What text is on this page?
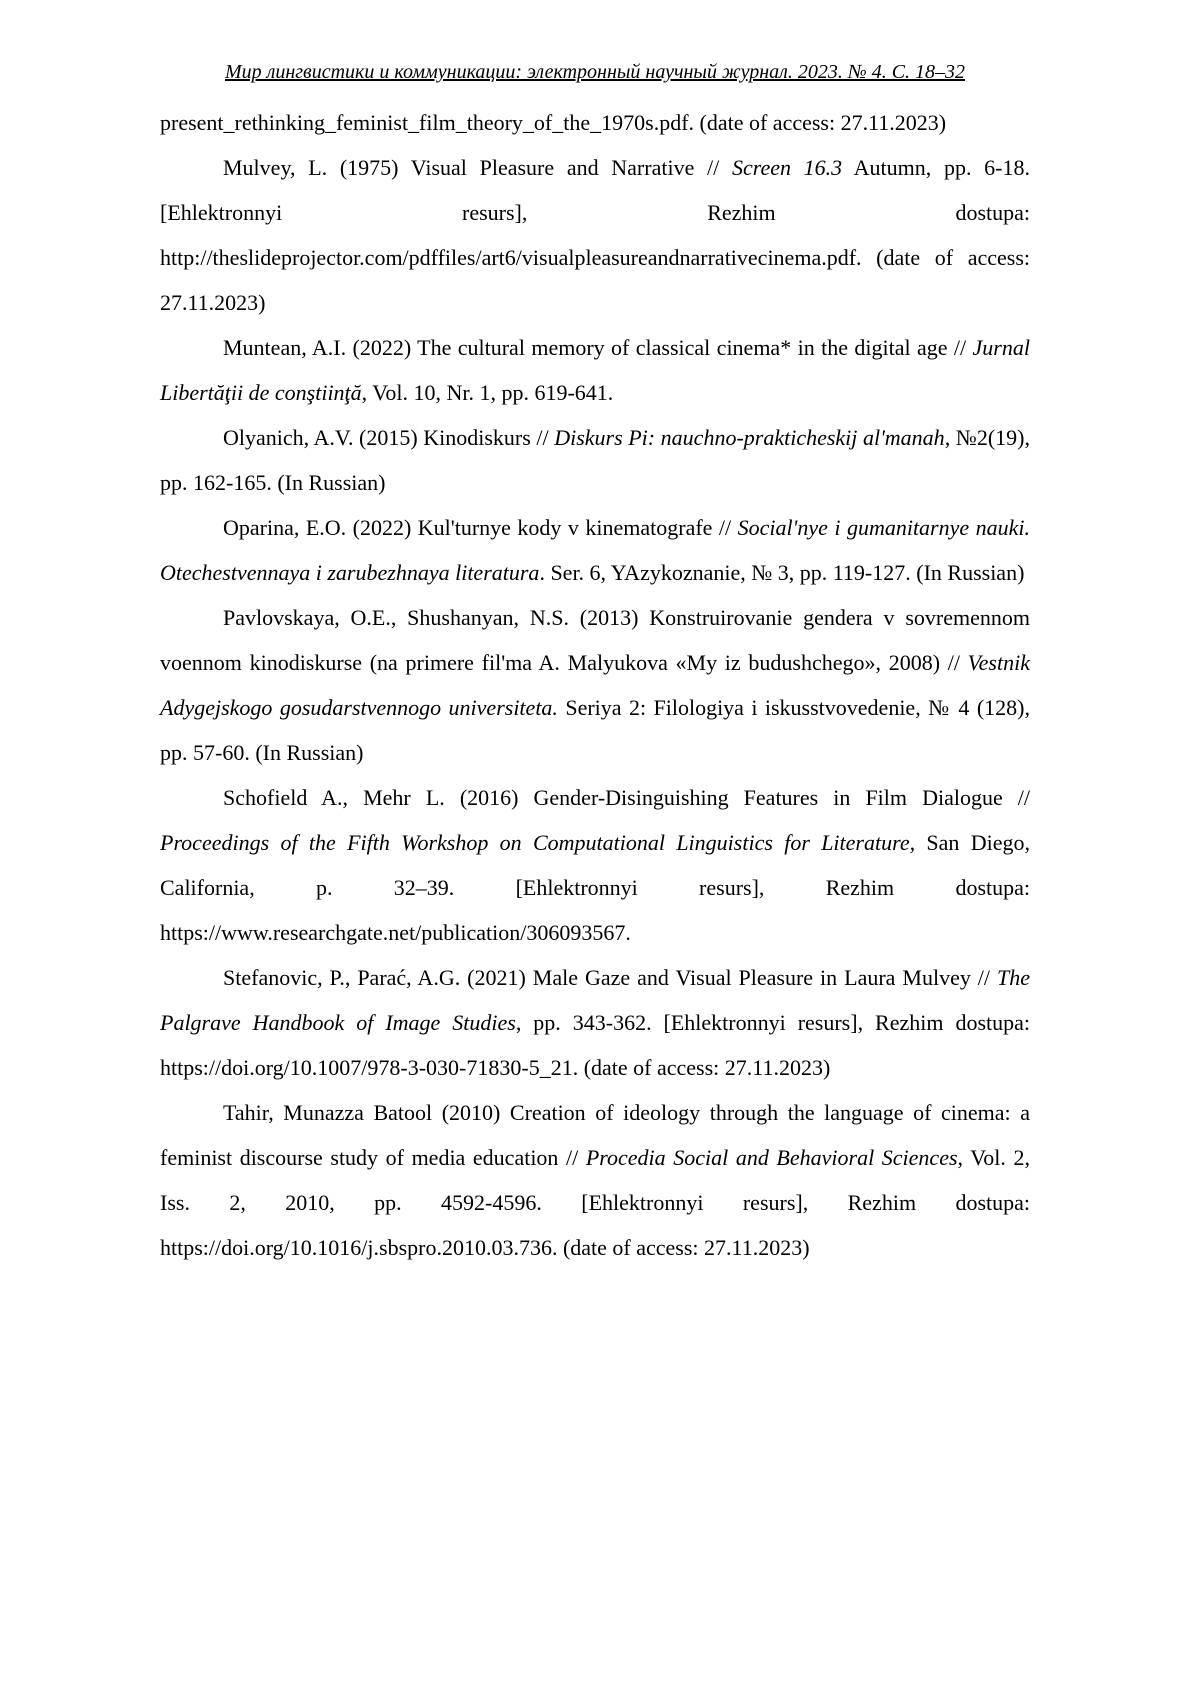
Мир лингвистики и коммуникации: электронный научный журнал. 2023. № 4. С. 18–32

present_rethinking_feminist_film_theory_of_the_1970s.pdf. (date of access: 27.11.2023)

Mulvey, L. (1975) Visual Pleasure and Narrative // Screen 16.3 Autumn, pp. 6-18. [Ehlektronnyi resurs], Rezhim dostupa: http://theslideprojector.com/pdffiles/art6/visualpleasureandnarrativecinema.pdf. (date of access: 27.11.2023)

Muntean, A.I. (2022) The cultural memory of classical cinema* in the digital age // Jurnal Libertăţii de conştiinţă, Vol. 10, Nr. 1, pp. 619-641.

Olyanich, A.V. (2015) Kinodiskurs // Diskurs Pi: nauchno-prakticheskij al'manah, №2(19), pp. 162-165. (In Russian)

Oparina, E.O. (2022) Kul'turnye kody v kinematografe // Social'nye i gumanitarnye nauki. Otechestvennaya i zarubezhnaya literatura. Ser. 6, YAzykoznanie, № 3, pp. 119-127. (In Russian)

Pavlovskaya, O.E., Shushanyan, N.S. (2013) Konstruirovanie gendera v sovremennom voennom kinodiskurse (na primere fil'ma A. Malyukova «My iz budushchego», 2008) // Vestnik Adygejskogo gosudarstvennogo universiteta. Seriya 2: Filologiya i iskusstvovedenie, № 4 (128), pp. 57-60. (In Russian)

Schofield A., Mehr L. (2016) Gender-Disinguishing Features in Film Dialogue // Proceedings of the Fifth Workshop on Computational Linguistics for Literature, San Diego, California, p. 32–39. [Ehlektronnyi resurs], Rezhim dostupa: https://www.researchgate.net/publication/306093567.

Stefanovic, P., Parać, A.G. (2021) Male Gaze and Visual Pleasure in Laura Mulvey // The Palgrave Handbook of Image Studies, pp. 343-362. [Ehlektronnyi resurs], Rezhim dostupa: https://doi.org/10.1007/978-3-030-71830-5_21. (date of access: 27.11.2023)

Tahir, Munazza Batool (2010) Creation of ideology through the language of cinema: a feminist discourse study of media education // Procedia Social and Behavioral Sciences, Vol. 2, Iss. 2, 2010, pp. 4592-4596. [Ehlektronnyi resurs], Rezhim dostupa: https://doi.org/10.1016/j.sbspro.2010.03.736. (date of access: 27.11.2023)
